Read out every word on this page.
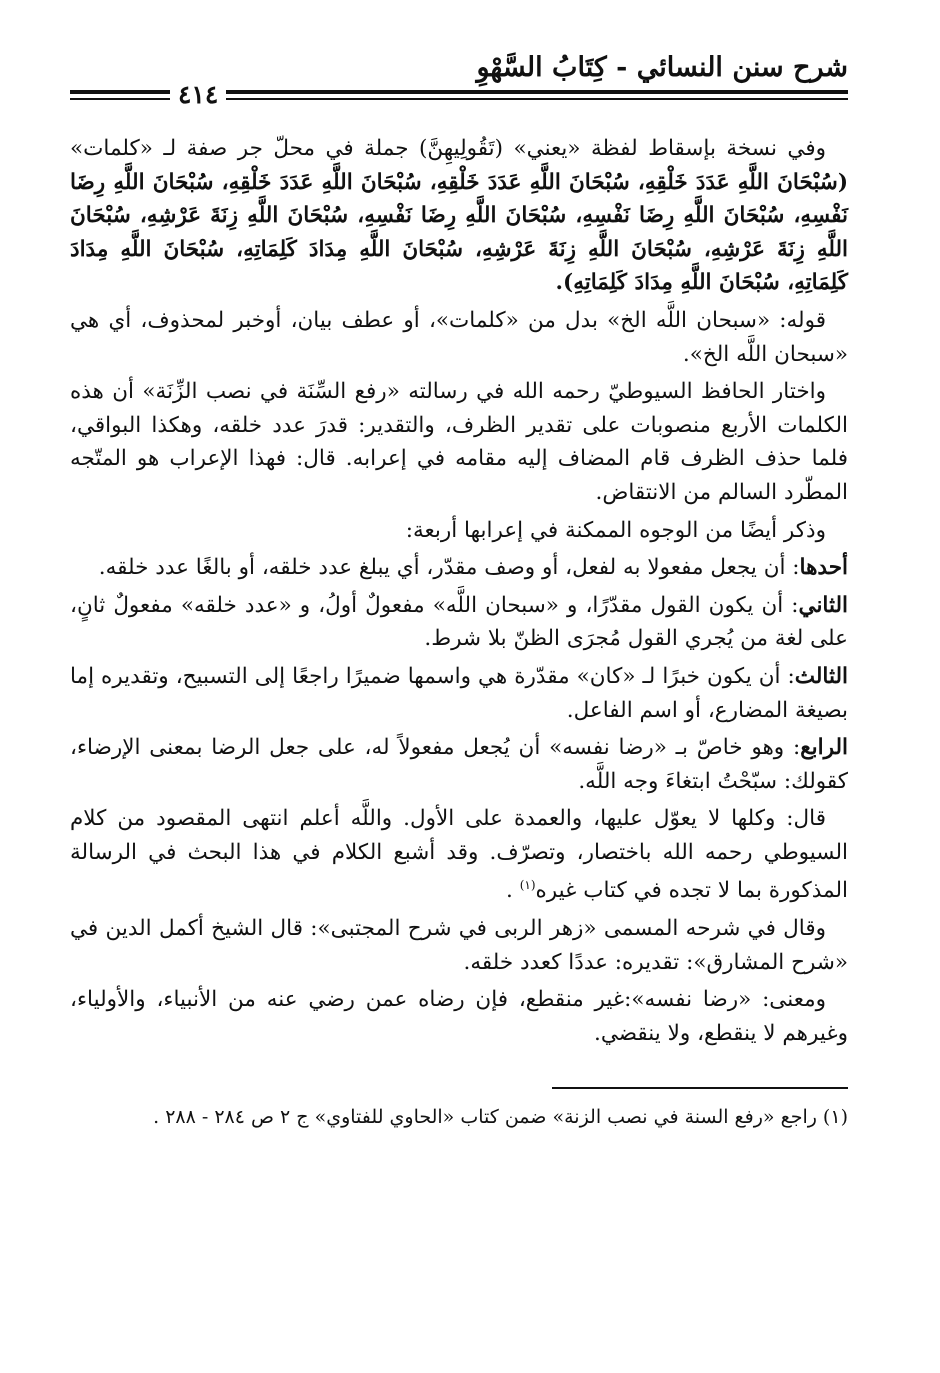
شرح سنن النسائي - كِتَابُ السَّهْوِ
٤١٤

وفي نسخة بإسقاط لفظة «يعني» (تَقُولِيهِنَّ) جملة في محلّ جر صفة لـ «كلمات» (سُبْحَانَ اللَّهِ عَدَدَ خَلْقِهِ، سُبْحَانَ اللَّهِ عَدَدَ خَلْقِهِ، سُبْحَانَ اللَّهِ عَدَدَ خَلْقِهِ، سُبْحَانَ اللَّهِ رِضَا نَفْسِهِ، سُبْحَانَ اللَّهِ رِضَا نَفْسِهِ، سُبْحَانَ اللَّهِ رِضَا نَفْسِهِ، سُبْحَانَ اللَّهِ زِنَةَ عَرْشِهِ، سُبْحَانَ اللَّهِ زِنَةَ عَرْشِهِ، سُبْحَانَ اللَّهِ زِنَةَ عَرْشِهِ، سُبْحَانَ اللَّهِ مِدَادَ كَلِمَاتِهِ، سُبْحَانَ اللَّهِ مِدَادَ كَلِمَاتِهِ، سُبْحَانَ اللَّهِ مِدَادَ كَلِمَاتِهِ).

قوله: «سبحان اللَّه الخ» بدل من «كلمات»، أو عطف بيان، أوخبر لمحذوف، أي هي «سبحان اللَّه الخ».

واختار الحافظ السيوطيّ رحمه الله في رسالته «رفع السِّنَة في نصب الزِّنَة» أن هذه الكلمات الأربع منصوبات على تقدير الظرف، والتقدير: قدرَ عدد خلقه، وهكذا البواقي، فلما حذف الظرف قام المضاف إليه مقامه في إعرابه. قال: فهذا الإعراب هو المتّجه المطّرد السالم من الانتقاض.

وذكر أيضًا من الوجوه الممكنة في إعرابها أربعة:

أحدها: أن يجعل مفعولا به لفعل، أو وصف مقدّر، أي يبلغ عدد خلقه، أو بالغًا عدد خلقه.

الثاني: أن يكون القول مقدّرًا، و «سبحان اللَّه» مفعولٌ أولُ، و «عدد خلقه» مفعولٌ ثانٍ، على لغة من يُجري القول مُجرَى الظنّ بلا شرط.

الثالث: أن يكون خبرًا لـ «كان» مقدّرة هي واسمها ضميرًا راجعًا إلى التسبيح، وتقديره إما بصيغة المضارع، أو اسم الفاعل.

الرابع: وهو خاصّ بـ «رضا نفسه» أن يُجعل مفعولاً له، على جعل الرضا بمعنى الإرضاء، كقولك: سبّحْتُ ابتغاءَ وجه اللَّه.

قال: وكلها لا يعوّل عليها، والعمدة على الأول. واللَّه أعلم انتهى المقصود من كلام السيوطي رحمه الله باختصار، وتصرّف. وقد أشبع الكلام في هذا البحث في الرسالة المذكورة بما لا تجده في كتاب غيره$^{(١)}$ .

وقال في شرحه المسمى «زهر الربى في شرح المجتبى»: قال الشيخ أكمل الدين في «شرح المشارق»: تقديره: عددًا كعدد خلقه.

ومعنى: «رضا نفسه»:غير منقطع، فإن رضاه عمن رضي عنه من الأنبياء، والأولياء، وغيرهم لا ينقطع، ولا ينقضي.

(١) راجع «رفع السنة في نصب الزنة» ضمن كتاب «الحاوي للفتاوي» ج ٢ ص ٢٨٤ - ٢٨٨ .
